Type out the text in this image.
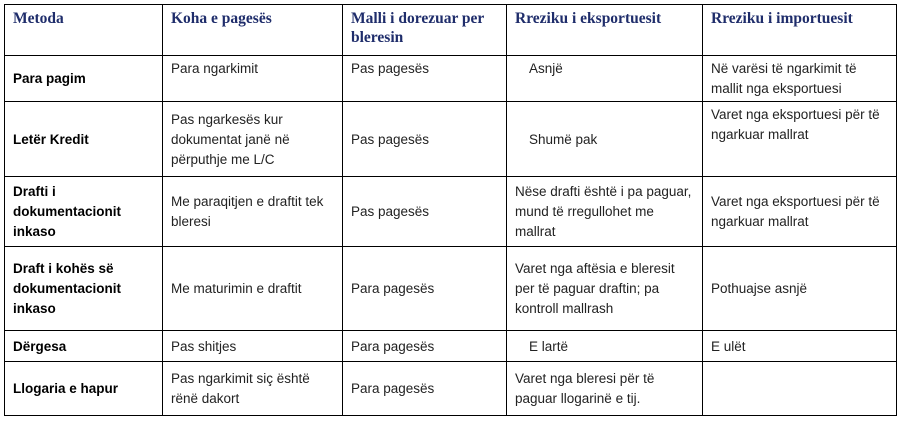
Metoda	Koha e pagesës	Malli i dorezuar per bleresin	Rreziku i eksportuesit	Rreziku i importuesit
Para pagim	Para ngarkimit	Pas pagesës	Asnjë	Në varësi të ngarkimit të mallit nga eksportuesi
Letër Kredit	Pas ngarkesës kur dokumentat janë në përputhje me L/C	Pas pagesës	Shumë pak	Varet nga eksportuesi për të ngarkuar mallrat
Drafti i dokumentacionit inkaso	Me paraqitjen e draftit tek bleresi	Pas pagesës	Nëse drafti është i pa paguar, mund të rregullohet me mallrat	Varet nga eksportuesi për të ngarkuar mallrat
Draft i kohës së dokumentacionit inkaso	Me maturimin e draftit	Para pagesës	Varet nga aftësia e bleresit per të paguar draftin; pa kontroll mallrash	Pothuajse asnjë
Dërgesa	Pas shitjes	Para pagesës	E lartë	E ulët
Llogaria e hapur	Pas ngarkimit siç është rënë dakort	Para pagesës	Varet nga bleresi për të paguar llogarinë e tij.	
